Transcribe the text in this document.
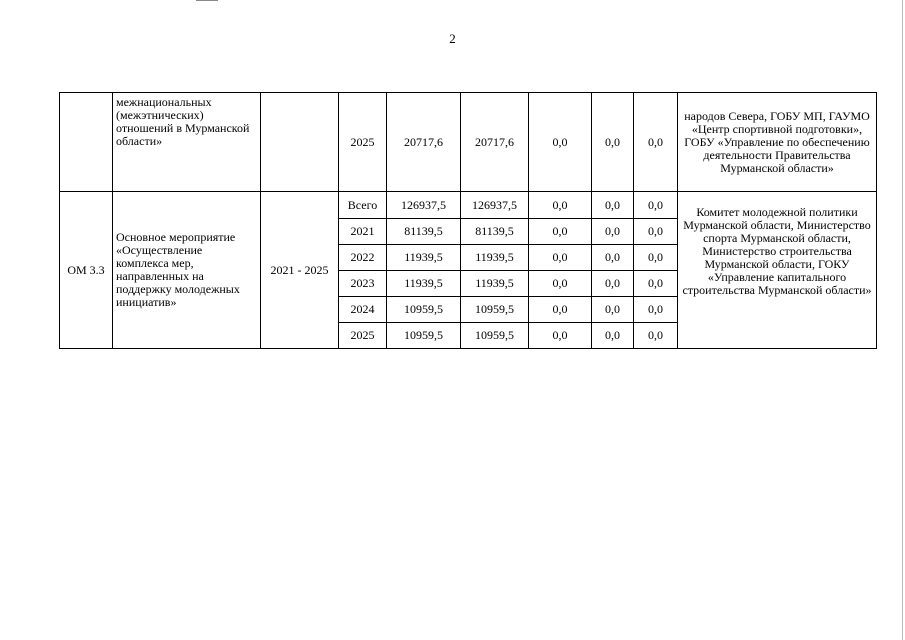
2
	межнациональных (межэтнических) отношений в Мурманской области»		2025	20717,6	20717,6	0,0	0,0	0,0	народов Севера, ГОБУ МП, ГАУМО «Центр спортивной подготовки», ГОБУ «Управление по обеспечению деятельности Правительства Мурманской области»
ОМ 3.3	Основное мероприятие «Осуществление комплекса мер, направленных на поддержку молодежных инициатив»	2021 - 2025	Всего	126937,5	126937,5	0,0	0,0	0,0	Комитет молодежной политики Мурманской области, Министерство спорта Мурманской области, Министерство строительства Мурманской области, ГОКУ «Управление капитального строительства Мурманской области»
			2021	81139,5	81139,5	0,0	0,0	0,0	
			2022	11939,5	11939,5	0,0	0,0	0,0	
			2023	11939,5	11939,5	0,0	0,0	0,0	
			2024	10959,5	10959,5	0,0	0,0	0,0	
			2025	10959,5	10959,5	0,0	0,0	0,0	
